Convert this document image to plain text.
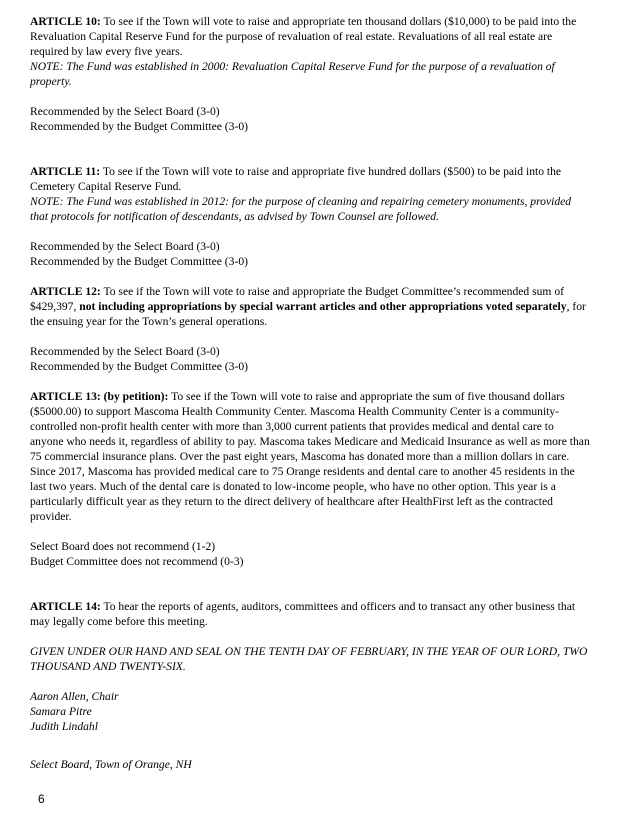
ARTICLE 10: To see if the Town will vote to raise and appropriate ten thousand dollars ($10,000) to be paid into the Revaluation Capital Reserve Fund for the purpose of revaluation of real estate. Revaluations of all real estate are required by law every five years.

NOTE: The Fund was established in 2000: Revaluation Capital Reserve Fund for the purpose of a revaluation of property.

Recommended by the Select Board (3-0)

Recommended by the Budget Committee (3-0)

ARTICLE 11: To see if the Town will vote to raise and appropriate five hundred dollars ($500) to be paid into the Cemetery Capital Reserve Fund.

NOTE: The Fund was established in 2012: for the purpose of cleaning and repairing cemetery monuments, provided that protocols for notification of descendants, as advised by Town Counsel are followed.

Recommended by the Select Board (3-0)

Recommended by the Budget Committee (3-0)

ARTICLE 12: To see if the Town will vote to raise and appropriate the Budget Committee’s recommended sum of $429,397, not including appropriations by special warrant articles and other appropriations voted separately, for the ensuing year for the Town’s general operations.

Recommended by the Select Board (3-0)

Recommended by the Budget Committee (3-0)

ARTICLE 13: (by petition): To see if the Town will vote to raise and appropriate the sum of five thousand dollars ($5000.00) to support Mascoma Health Community Center. Mascoma Health Community Center is a community-controlled non-profit health center with more than 3,000 current patients that provides medical and dental care to anyone who needs it, regardless of ability to pay. Mascoma takes Medicare and Medicaid Insurance as well as more than 75 commercial insurance plans. Over the past eight years, Mascoma has donated more than a million dollars in care. Since 2017, Mascoma has provided medical care to 75 Orange residents and dental care to another 45 residents in the last two years. Much of the dental care is donated to low-income people, who have no other option. This year is a particularly difficult year as they return to the direct delivery of healthcare after HealthFirst left as the contracted provider.

Select Board does not recommend (1-2)

Budget Committee does not recommend (0-3)

ARTICLE 14: To hear the reports of agents, auditors, committees and officers and to transact any other business that may legally come before this meeting.

GIVEN UNDER OUR HAND AND SEAL ON THE TENTH DAY OF FEBRUARY, IN THE YEAR OF OUR LORD, TWO THOUSAND AND TWENTY-SIX.

Aaron Allen, Chair

Samara Pitre

Judith Lindahl

Select Board, Town of Orange, NH

6
